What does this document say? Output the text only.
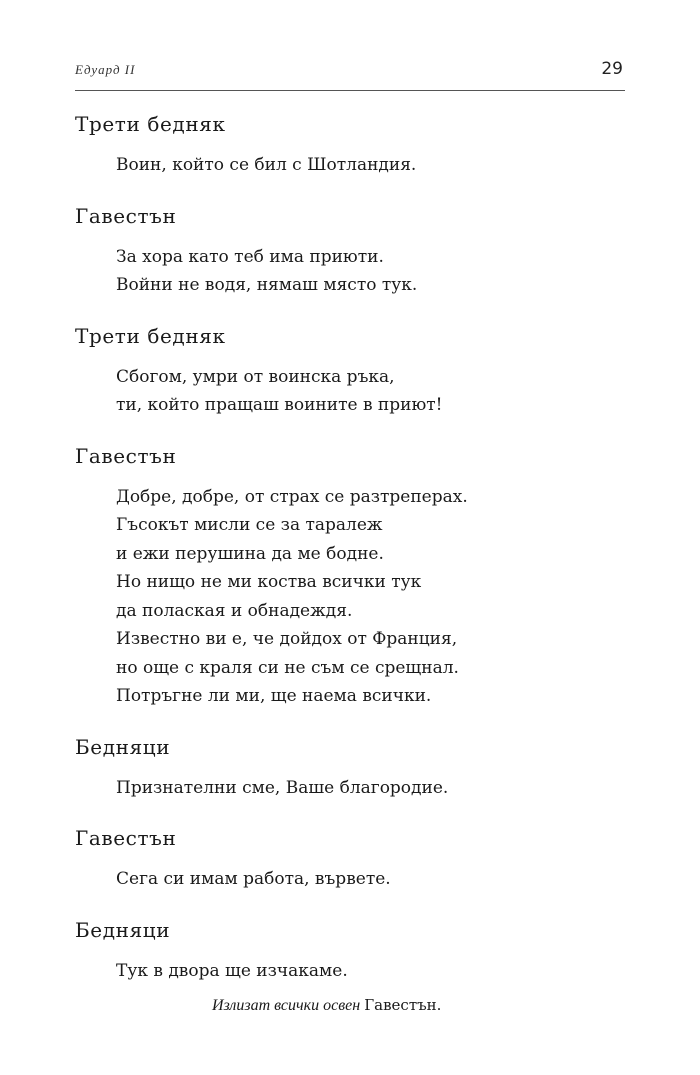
Едуард II	29
Трети бедняк
Воин, който се бил с Шотландия.
Гавестън
За хора като теб има приюти.
Войни не водя, нямаш място тук.
Трети бедняк
Сбогом, умри от воинска ръка,
ти, който пращаш воините в приют!
Гавестън
Добре, добре, от страх се разтреперах.
Гъсокът мисли се за таралеж
и ежи перушина да ме бодне.
Но нищо не ми коства всички тук
да полаская и обнадеждя.
Известно ви е, че дойдох от Франция,
но още с краля си не съм се срещнал.
Потръгне ли ми, ще наема всички.
Бедняци
Признателни сме, Ваше благородие.
Гавестън
Сега си имам работа, вървете.
Бедняци
Тук в двора ще изчакаме.
Излизат всички освен Гавестън.
